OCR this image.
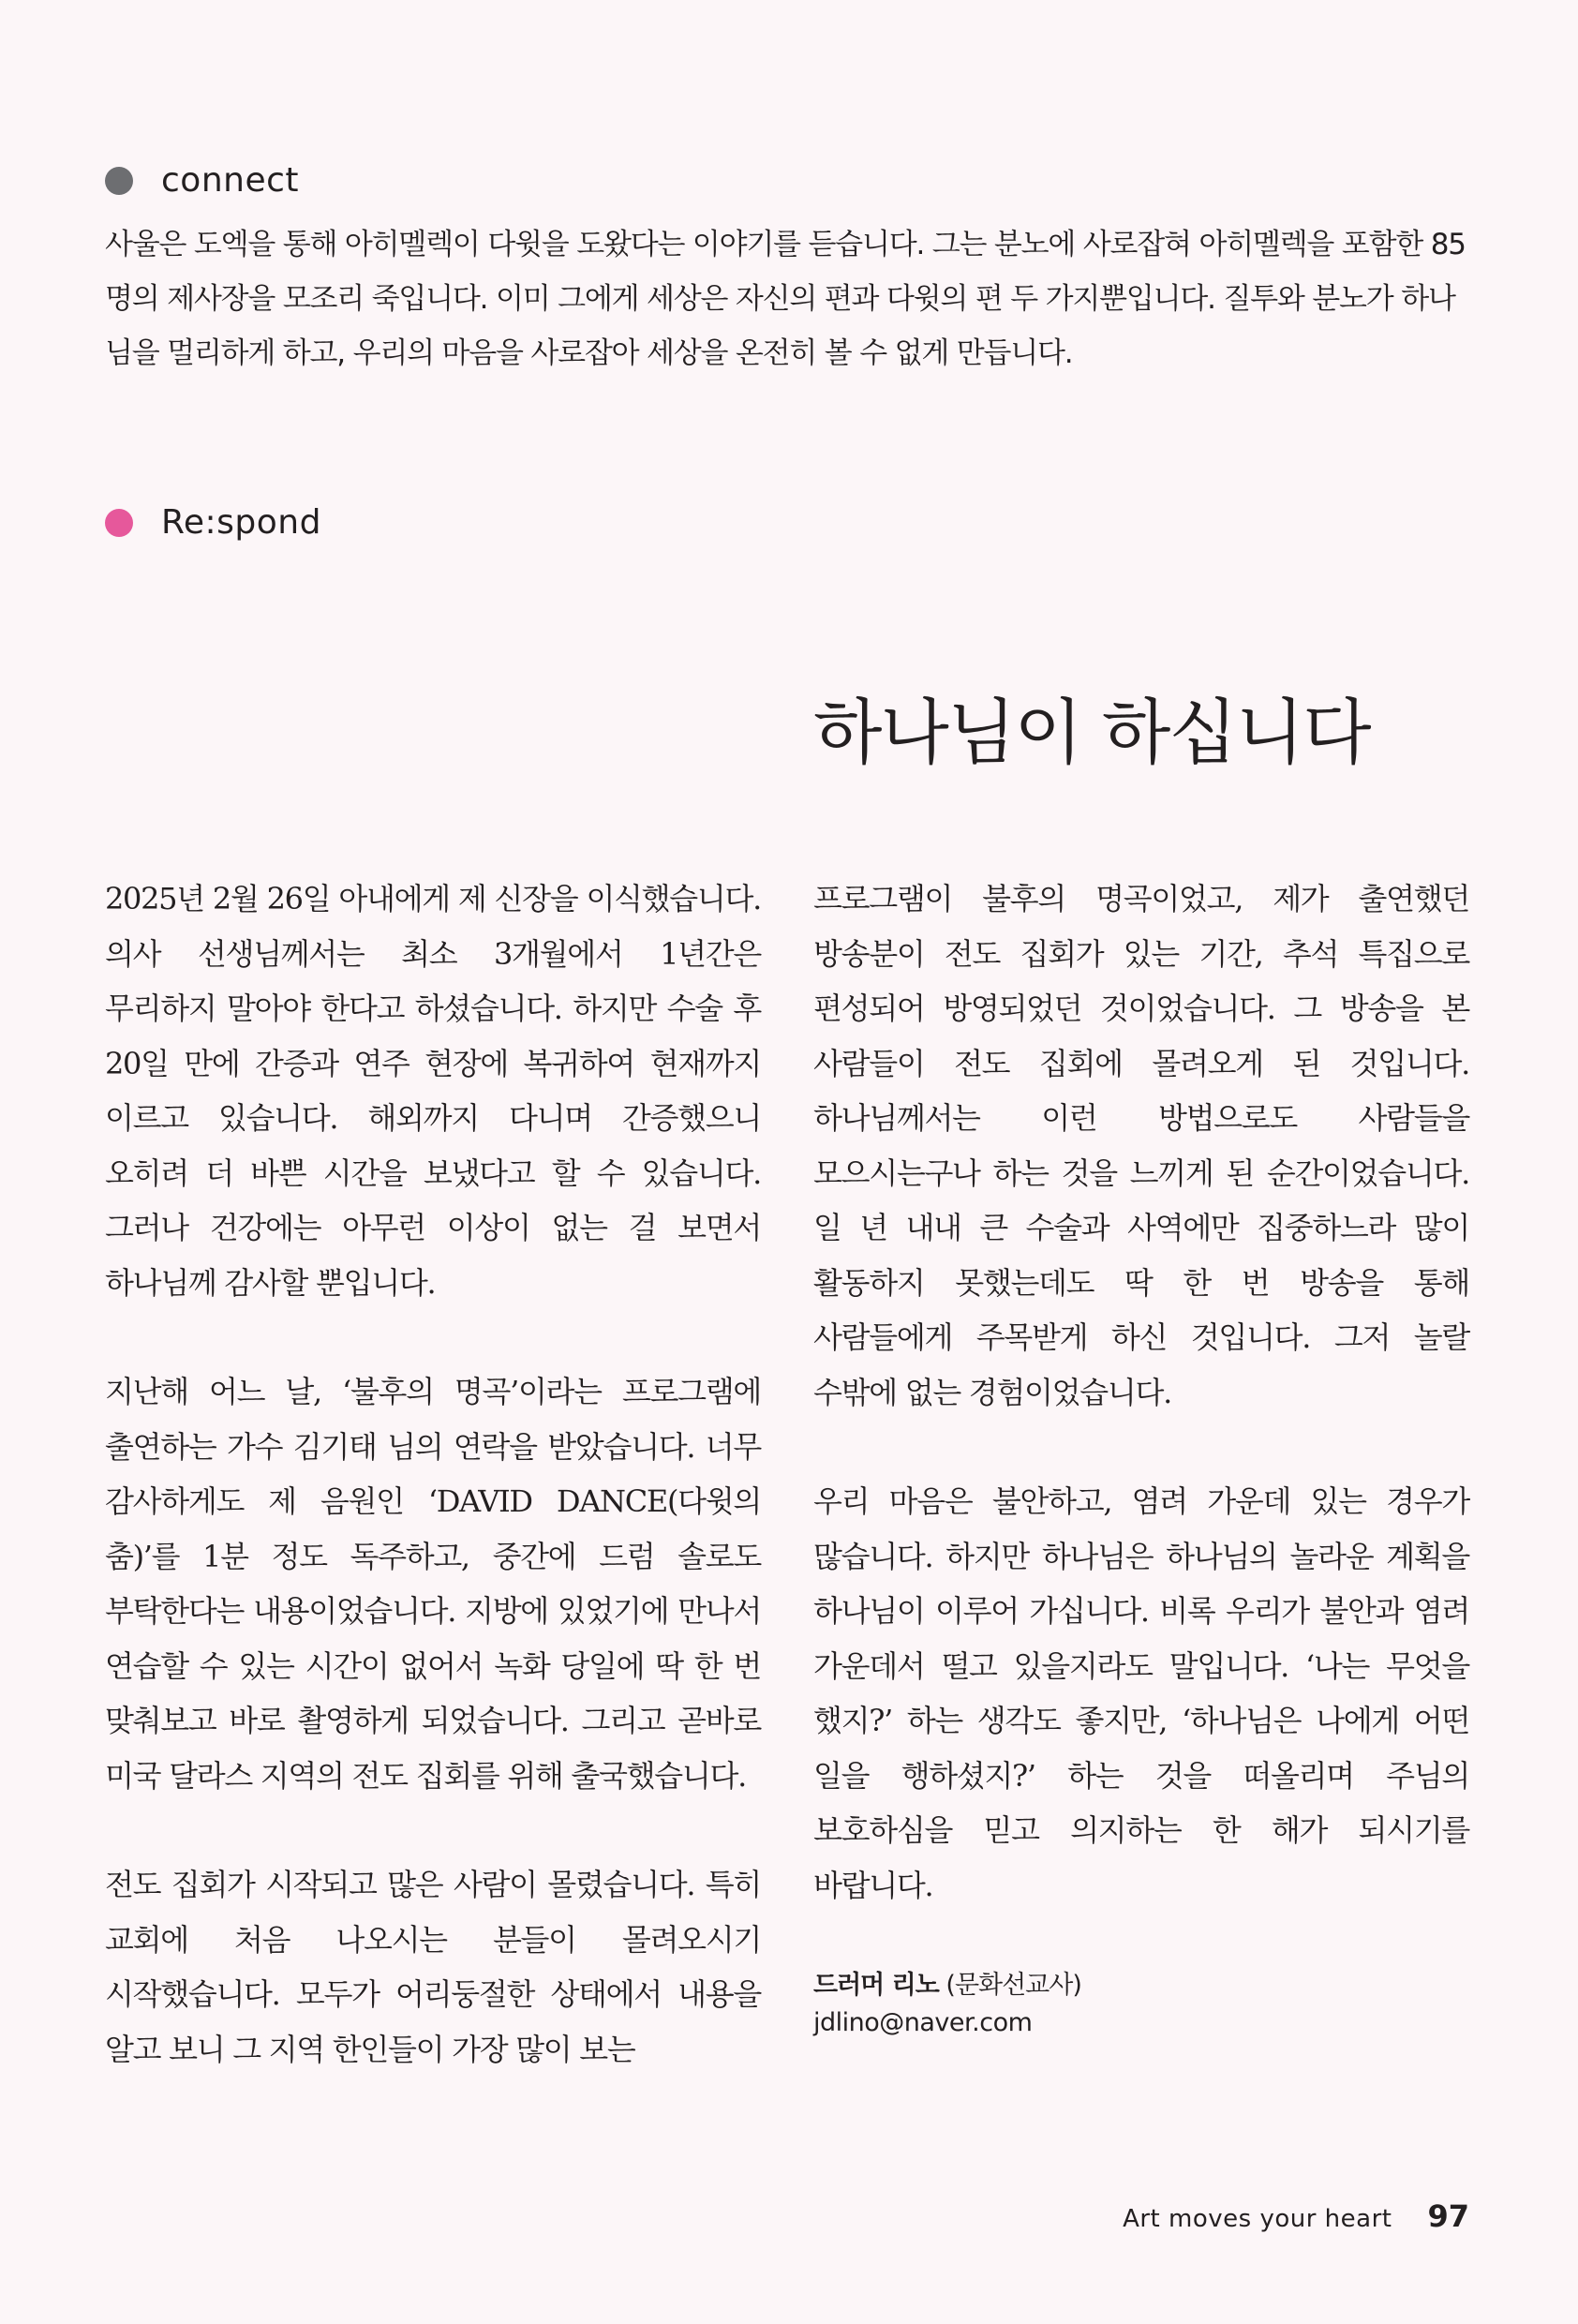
connect

사울은 도엑을 통해 아히멜렉이 다윗을 도왔다는 이야기를 듣습니다. 그는 분노에 사로잡혀 아히멜렉을 포함한 85명의 제사장을 모조리 죽입니다. 이미 그에게 세상은 자신의 편과 다윗의 편 두 가지뿐입니다. 질투와 분노가 하나님을 멀리하게 하고, 우리의 마음을 사로잡아 세상을 온전히 볼 수 없게 만듭니다.

Re:spond
하나님이 하십니다

2025년 2월 26일 아내에게 제 신장을 이식했습니다. 의사 선생님께서는 최소 3개월에서 1년간은 무리하지 말아야 한다고 하셨습니다. 하지만 수술 후 20일 만에 간증과 연주 현장에 복귀하여 현재까지 이르고 있습니다. 해외까지 다니며 간증했으니 오히려 더 바쁜 시간을 보냈다고 할 수 있습니다. 그러나 건강에는 아무런 이상이 없는 걸 보면서 하나님께 감사할 뿐입니다.

지난해 어느 날, ‘불후의 명곡’이라는 프로그램에 출연하는 가수 김기태 님의 연락을 받았습니다. 너무 감사하게도 제 음원인 ‘DAVID DANCE(다윗의 춤)’를 1분 정도 독주하고, 중간에 드럼 솔로도 부탁한다는 내용이었습니다. 지방에 있었기에 만나서 연습할 수 있는 시간이 없어서 녹화 당일에 딱 한 번 맞춰보고 바로 촬영하게 되었습니다. 그리고 곧바로 미국 달라스 지역의 전도 집회를 위해 출국했습니다.

전도 집회가 시작되고 많은 사람이 몰렸습니다. 특히 교회에 처음 나오시는 분들이 몰려오시기 시작했습니다. 모두가 어리둥절한 상태에서 내용을 알고 보니 그 지역 한인들이 가장 많이 보는

프로그램이 불후의 명곡이었고, 제가 출연했던 방송분이 전도 집회가 있는 기간, 추석 특집으로 편성되어 방영되었던 것이었습니다. 그 방송을 본 사람들이 전도 집회에 몰려오게 된 것입니다. 하나님께서는 이런 방법으로도 사람들을 모으시는구나 하는 것을 느끼게 된 순간이었습니다. 일 년 내내 큰 수술과 사역에만 집중하느라 많이 활동하지 못했는데도 딱 한 번 방송을 통해 사람들에게 주목받게 하신 것입니다. 그저 놀랄 수밖에 없는 경험이었습니다.

우리 마음은 불안하고, 염려 가운데 있는 경우가 많습니다. 하지만 하나님은 하나님의 놀라운 계획을 하나님이 이루어 가십니다. 비록 우리가 불안과 염려 가운데서 떨고 있을지라도 말입니다. ‘나는 무엇을 했지?’ 하는 생각도 좋지만, ‘하나님은 나에게 어떤 일을 행하셨지?’ 하는 것을 떠올리며 주님의 보호하심을 믿고 의지하는 한 해가 되시기를 바랍니다.

드러머 리노 (문화선교사)
jdlino@naver.com
Art moves your heart 97
